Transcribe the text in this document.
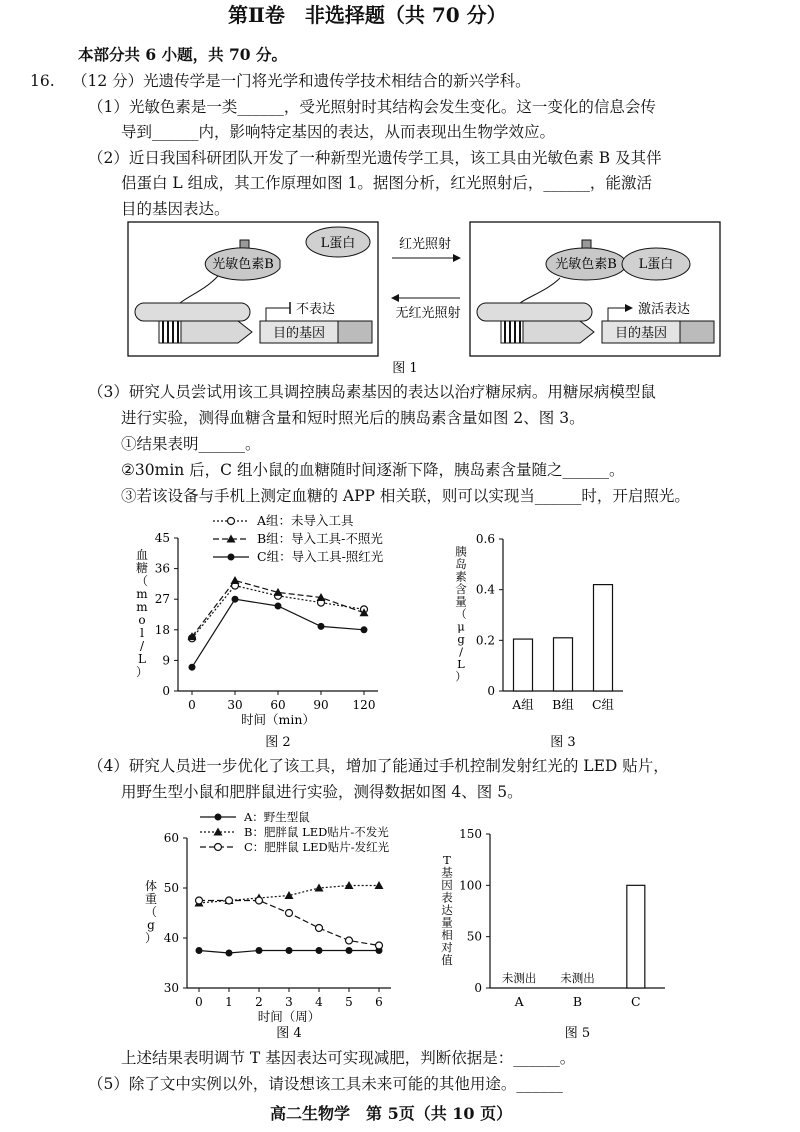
第Ⅱ卷　非选择题（共 70 分）
本部分共 6 小题，共 70 分。
16. （12 分）光遗传学是一门将光学和遗传学技术相结合的新兴学科。
（1）光敏色素是一类______，受光照射时其结构会发生变化。这一变化的信息会传
导到______内，影响特定基因的表达，从而表现出生物学效应。
（2）近日我国科研团队开发了一种新型光遗传学工具，该工具由光敏色素 B 及其伴
侣蛋白 L 组成，其工作原理如图 1。据图分析，红光照射后，______，能激活
目的基因表达。
L蛋白
光敏色素B
目的基因
不表达
红光照射
无红光照射
光敏色素B L蛋白
目的基因
激活表达
图 1
（3）研究人员尝试用该工具调控胰岛素基因的表达以治疗糖尿病。用糖尿病模型鼠
进行实验，测得血糖含量和短时照光后的胰岛素含量如图 2、图 3。
①结果表明______。
②30min 后，C 组小鼠的血糖随时间逐渐下降，胰岛素含量随之______。
③若该设备与手机上测定血糖的 APP 相关联，则可以实现当______时，开启照光。
0
9
18
27
36
45
0	30 60 90 120
时间（min）
血糖（ m m o l / L ）
A组：未导入工具
B组：导入工具-不照光
C组：导入工具-照红光
图 2
0
0.2
0.4
0.6
A组 B组 C组
胰岛素含量（ μ g / L ）
图 3
（4）研究人员进一步优化了该工具，增加了能通过手机控制发射红光的 LED 贴片，
用野生型小鼠和肥胖鼠进行实验，测得数据如图 4、图 5。
30
40
50
60
0 1 2 3 4 5 6
时间（周）
体重（ g ）
A：野生型鼠
B：肥胖鼠 LED贴片-不发光
C：肥胖鼠 LED贴片-发红光
图 4
0
50
100
150
未测出
A
未测出
B	C
T 基因表达量相对值
图 5
上述结果表明调节 T 基因表达可实现减肥，判断依据是：______。
（5）除了文中实例以外，请设想该工具未来可能的其他用途。______
高二生物学　第 5页（共 10 页）
